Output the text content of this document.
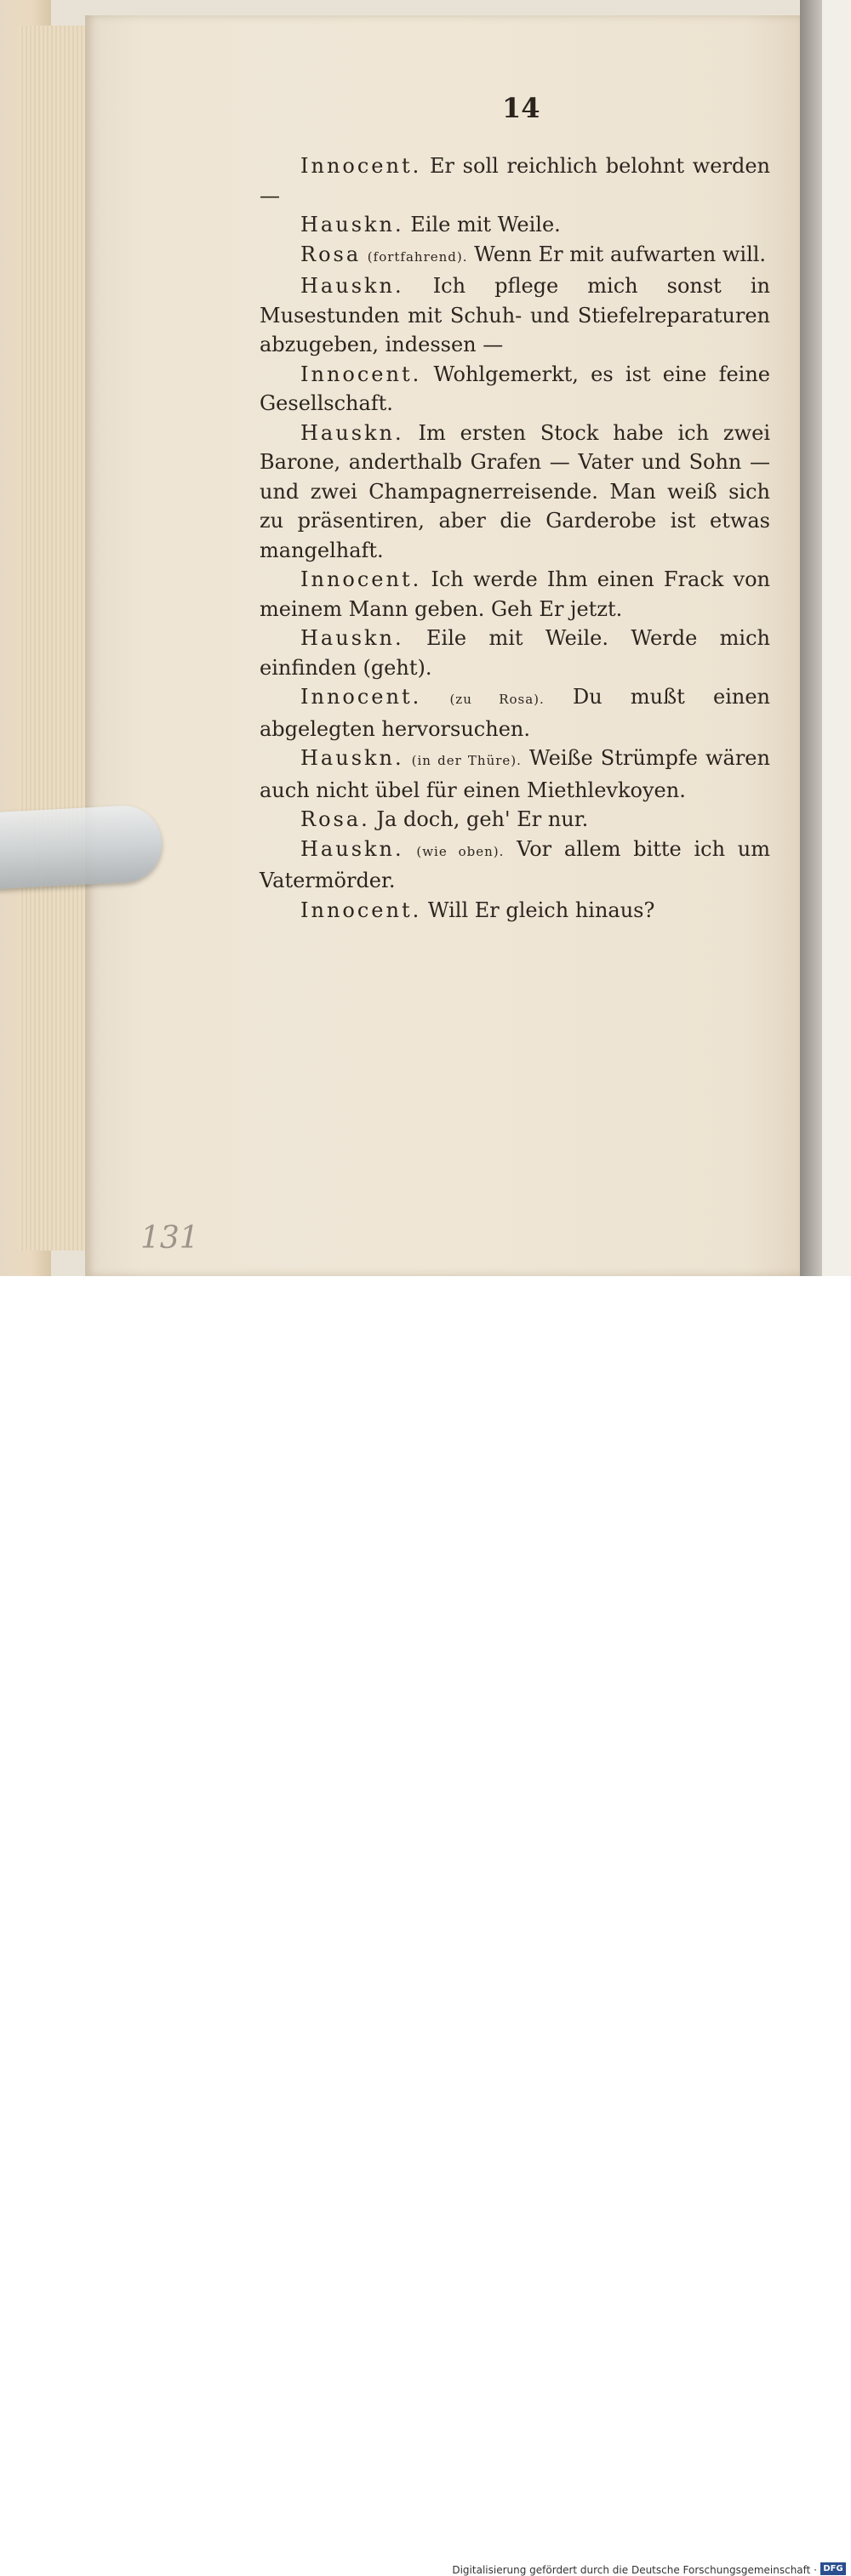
14

Innocent. Er soll reichlich belohnt werden—

Hauskn. Eile mit Weile.

Rosa (fortfahrend). Wenn Er mit aufwarten will.

Hauskn. Ich pflege mich sonst in Musestunden mit Schuh- und Stiefelreparaturen abzugeben, indessen —

Innocent. Wohlgemerkt, es ist eine feine Gesellschaft.

Hauskn. Im ersten Stock habe ich zwei Barone, anderthalb Grafen — Vater und Sohn — und zwei Champagnerreisende. Man weiß sich zu präsentiren, aber die Garderobe ist etwas mangelhaft.

Innocent. Ich werde Ihm einen Frack von meinem Mann geben. Geh Er jetzt.

Hauskn. Eile mit Weile. Werde mich einfinden (geht).

Innocent. (zu Rosa). Du mußt einen abgelegten hervorsuchen.

Hauskn. (in der Thüre). Weiße Strümpfe wären auch nicht übel für einen Miethlevkoyen.

Rosa. Ja doch, geh' Er nur.

Hauskn. (wie oben). Vor allem bitte ich um Vatermörder.

Innocent. Will Er gleich hinaus?

131
Digitalisierung gefördert durch die Deutsche Forschungsgemeinschaft · DFG
